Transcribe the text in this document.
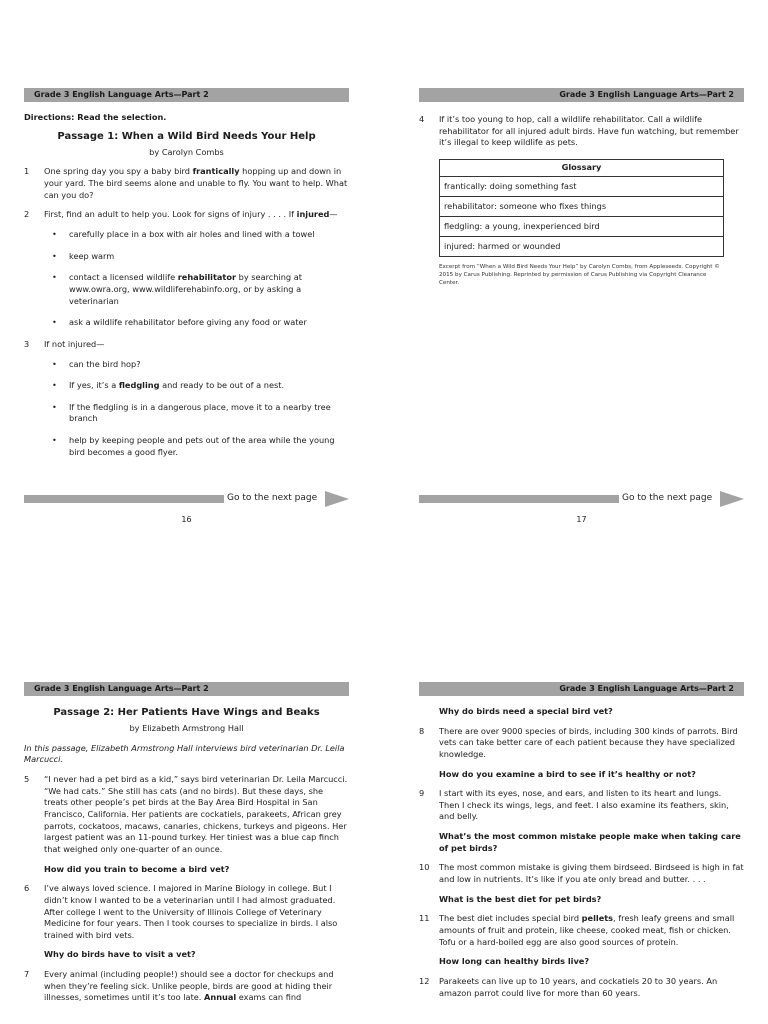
Grade 3 English Language Arts—Part 2
Directions: Read the selection.
Passage 1: When a Wild Bird Needs Your Help
by Carolyn Combs
1	One spring day you spy a baby bird frantically hopping up and down in your yard. The bird seems alone and unable to fly. You want to help. What can you do?
2	First, find an adult to help you. Look for signs of injury . . . . If injured—
• carefully place in a box with air holes and lined with a towel
• keep warm
• contact a licensed wildlife rehabilitator by searching at www.owra.org, www.wildliferehabinfo.org, or by asking a veterinarian
• ask a wildlife rehabilitator before giving any food or water
3	If not injured—
• can the bird hop?
• If yes, it’s a fledgling and ready to be out of a nest.
• If the fledgling is in a dangerous place, move it to a nearby tree branch
• help by keeping people and pets out of the area while the young bird becomes a good flyer.
Go to the next page
16
Grade 3 English Language Arts—Part 2
4	If it’s too young to hop, call a wildlife rehabilitator. Call a wildlife rehabilitator for all injured adult birds. Have fun watching, but remember it’s illegal to keep wildlife as pets.
Glossary
frantically: doing something fast
rehabilitator: someone who fixes things
fledgling: a young, inexperienced bird
injured: harmed or wounded
Excerpt from “When a Wild Bird Needs Your Help” by Carolyn Combs, from Appleseeds. Copyright © 2015 by Carus Publishing. Reprinted by permission of Carus Publishing via Copyright Clearance Center.
Go to the next page
17
Grade 3 English Language Arts—Part 2
Passage 2: Her Patients Have Wings and Beaks
by Elizabeth Armstrong Hall
In this passage, Elizabeth Armstrong Hall interviews bird veterinarian Dr. Leila Marcucci.
5	“I never had a pet bird as a kid,” says bird veterinarian Dr. Leila Marcucci. “We had cats.” She still has cats (and no birds). But these days, she treats other people’s pet birds at the Bay Area Bird Hospital in San Francisco, California. Her patients are cockatiels, parakeets, African grey parrots, cockatoos, macaws, canaries, chickens, turkeys and pigeons. Her largest patient was an 11-pound turkey. Her tiniest was a blue cap finch that weighed only one-quarter of an ounce.
How did you train to become a bird vet?
6	I’ve always loved science. I majored in Marine Biology in college. But I didn’t know I wanted to be a veterinarian until I had almost graduated. After college I went to the University of Illinois College of Veterinary Medicine for four years. Then I took courses to specialize in birds. I also trained with bird vets.
Why do birds have to visit a vet?
7	Every animal (including people!) should see a doctor for checkups and when they’re feeling sick. Unlike people, birds are good at hiding their illnesses, sometimes until it’s too late. Annual exams can find
Grade 3 English Language Arts—Part 2
Why do birds need a special bird vet?
8	There are over 9000 species of birds, including 300 kinds of parrots. Bird vets can take better care of each patient because they have specialized knowledge.
How do you examine a bird to see if it’s healthy or not?
9	I start with its eyes, nose, and ears, and listen to its heart and lungs. Then I check its wings, legs, and feet. I also examine its feathers, skin, and belly.
What’s the most common mistake people make when taking care of pet birds?
10	The most common mistake is giving them birdseed. Birdseed is high in fat and low in nutrients. It’s like if you ate only bread and butter. . . .
What is the best diet for pet birds?
11	The best diet includes special bird pellets, fresh leafy greens and small amounts of fruit and protein, like cheese, cooked meat, fish or chicken. Tofu or a hard-boiled egg are also good sources of protein.
How long can healthy birds live?
12	Parakeets can live up to 10 years, and cockatiels 20 to 30 years. An amazon parrot could live for more than 60 years.
